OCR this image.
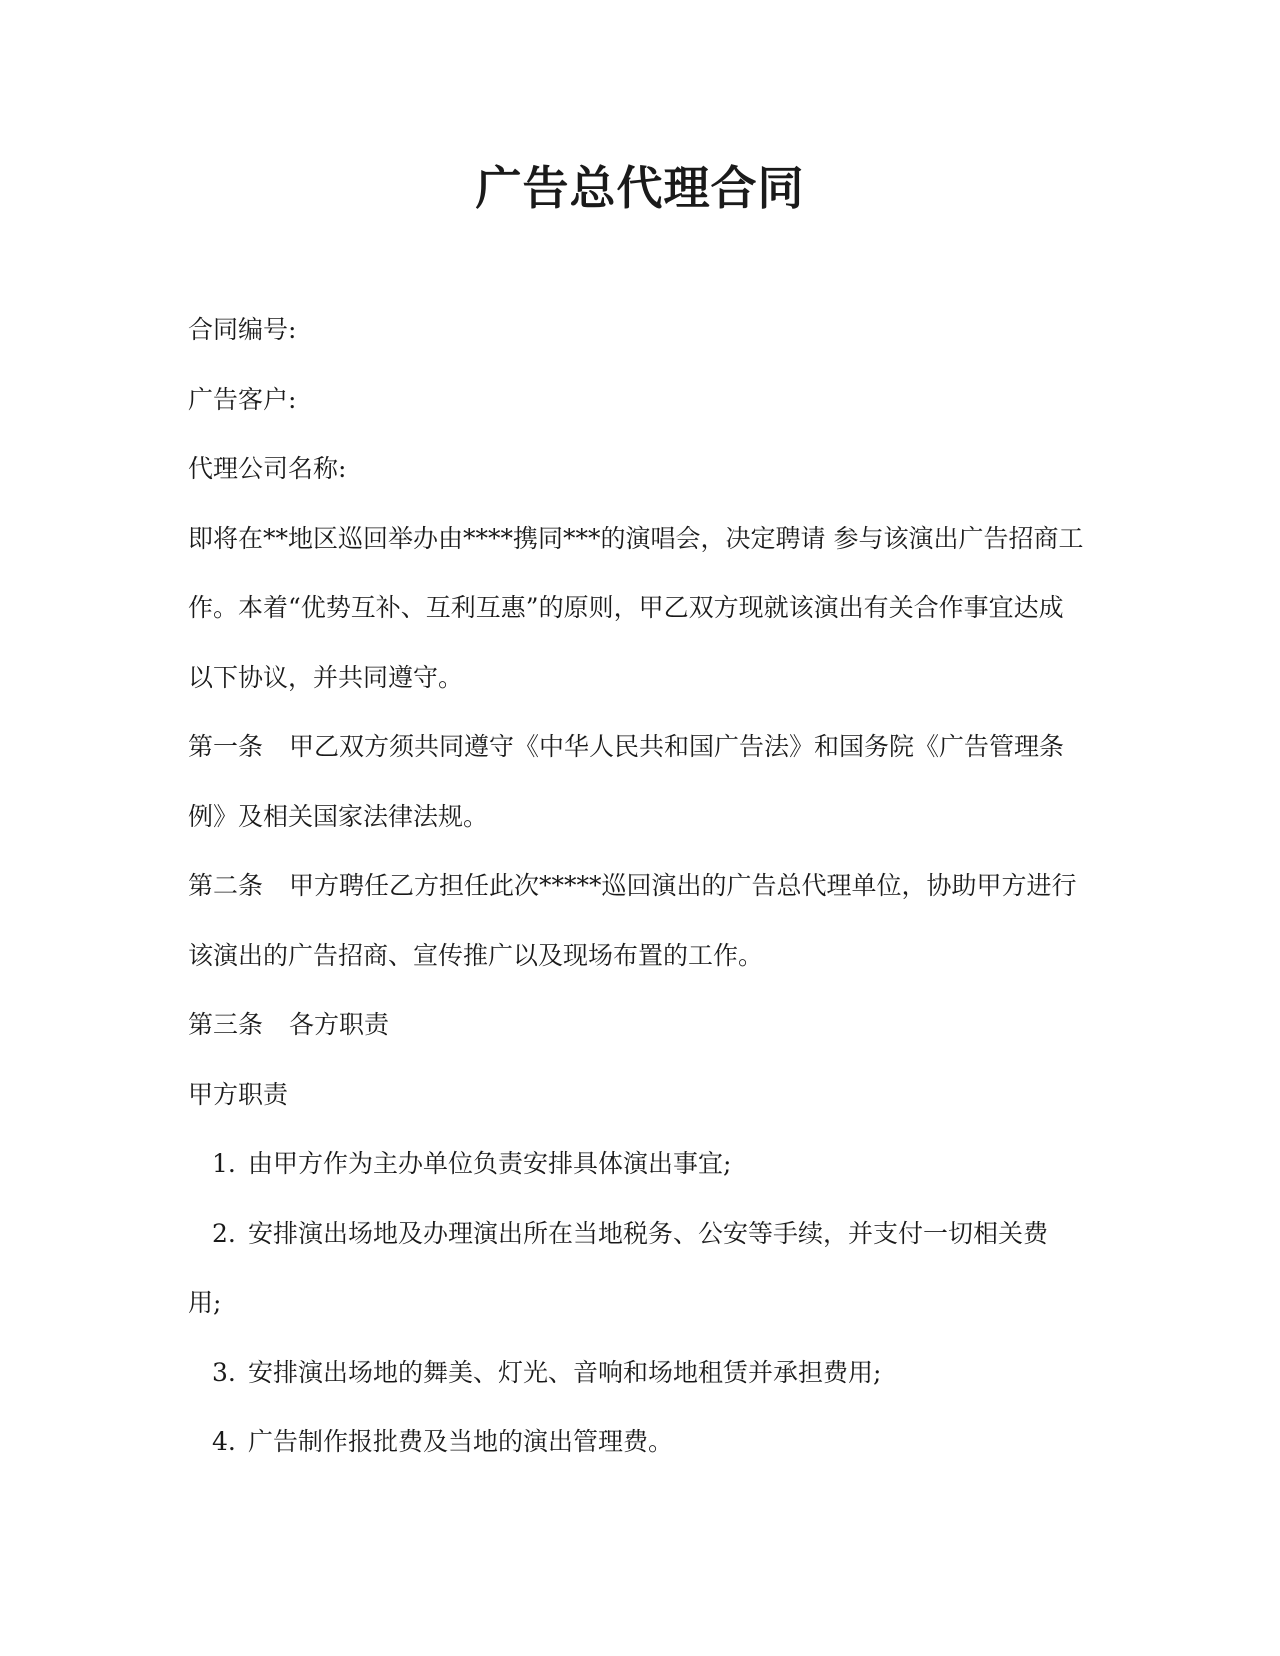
广告总代理合同

合同编号:

广告客户:

代理公司名称:

即将在**地区巡回举办由****携同***的演唱会，决定聘请 参与该演出广告招商工

作。本着“优势互补、互利互惠”的原则，甲乙双方现就该演出有关合作事宜达成

以下协议，并共同遵守。

第一条 甲乙双方须共同遵守《中华人民共和国广告法》和国务院《广告管理条

例》及相关国家法律法规。

第二条 甲方聘任乙方担任此次*****巡回演出的广告总代理单位，协助甲方进行

该演出的广告招商、宣传推广以及现场布置的工作。

第三条 各方职责

甲方职责

1. 由甲方作为主办单位负责安排具体演出事宜;

2. 安排演出场地及办理演出所在当地税务、公安等手续，并支付一切相关费

用;

3. 安排演出场地的舞美、灯光、音响和场地租赁并承担费用;

4. 广告制作报批费及当地的演出管理费。
